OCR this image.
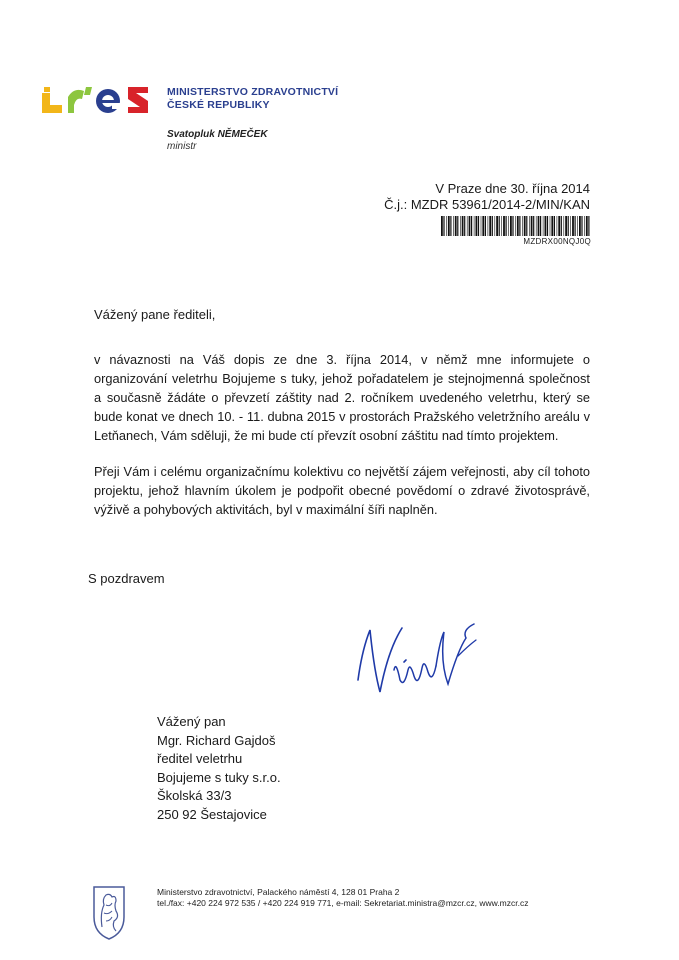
MINISTERSTVO ZDRAVOTNICTVÍ
ČESKÉ REPUBLIKY
Svatopluk NĚMEČEK
ministr
V Praze dne 30. října 2014
Č.j.: MZDR 53961/2014-2/MIN/KAN
MZDRX00NQJ0Q
Vážený pane řediteli,
v návaznosti na Váš dopis ze dne 3. října 2014, v němž mne informujete o organizování veletrhu Bojujeme s tuky, jehož pořadatelem je stejnojmenná společnost a současně žádáte o převzetí záštity nad 2. ročníkem uvedeného veletrhu, který se bude konat ve dnech 10. - 11. dubna 2015 v prostorách Pražského veletržního areálu v Letňanech, Vám sděluji, že mi bude ctí převzít osobní záštitu nad tímto projektem.
Přeji Vám i celému organizačnímu kolektivu co největší zájem veřejnosti, aby cíl tohoto projektu, jehož hlavním úkolem je podpořit obecné povědomí o zdravé životosprávě, výživě a pohybových aktivitách, byl v maximální šíři naplněn.
S pozdravem
Vážený pan
Mgr. Richard Gajdoš
ředitel veletrhu
Bojujeme s tuky s.r.o.
Školská 33/3
250 92 Šestajovice
Ministerstvo zdravotnictví, Palackého náměstí 4, 128 01 Praha 2
tel./fax: +420 224 972 535 / +420 224 919 771, e-mail: Sekretariat.ministra@mzcr.cz, www.mzcr.cz
